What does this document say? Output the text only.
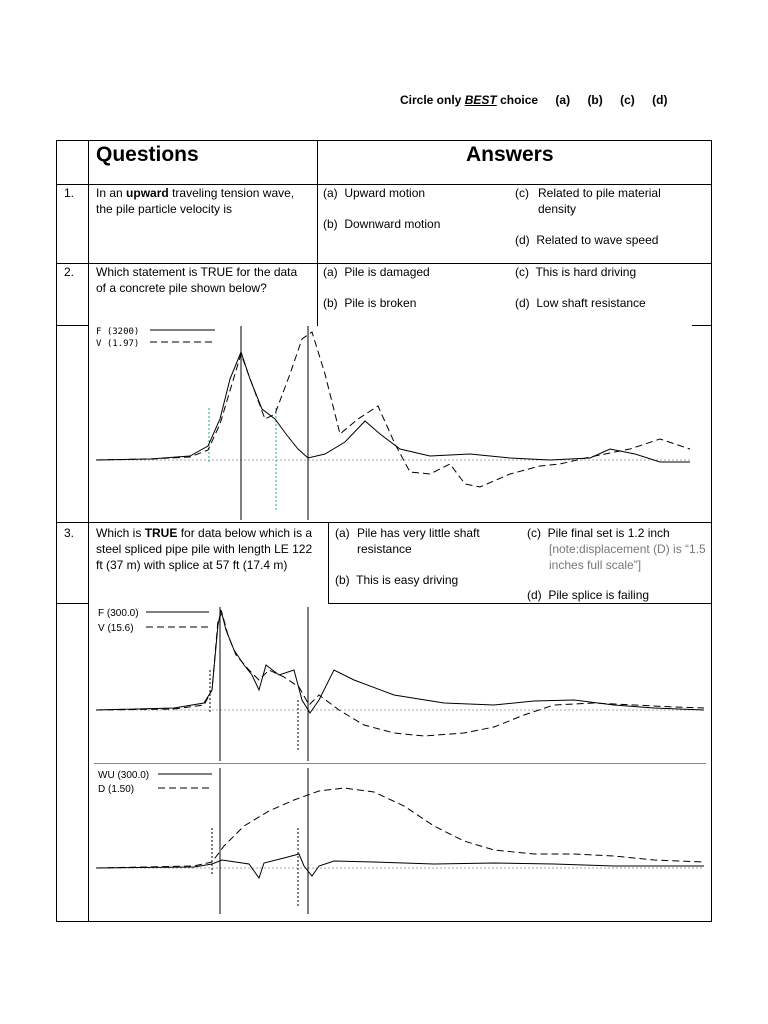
Circle only BEST choice (a) (b) (c) (d)
Questions	Answers
1. In an upward traveling tension wave, the pile particle velocity is
(a) Upward motion
(b) Downward motion
(c) Related to pile material density
(d) Related to wave speed
2. Which statement is TRUE for the data of a concrete pile shown below?
(a) Pile is damaged
(b) Pile is broken
(c) This is hard driving
(d) Low shaft resistance
F (3200)
V (1.97)
3. Which is TRUE for data below which is a steel spliced pipe pile with length LE 122 ft (37 m) with splice at 57 ft (17.4 m)
(a) Pile has very little shaft resistance
(b) This is easy driving
(c) Pile final set is 1.2 inch
[note:displacement (D) is “1.5 inches full scale”]
(d) Pile splice is failing
F (300.0)
V (15.6)
WU (300.0)
D (1.50)
